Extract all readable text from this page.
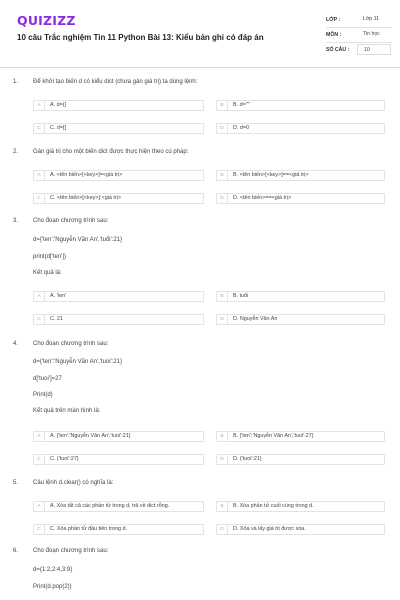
QUIZIZZ
10 câu Trắc nghiệm Tin 11 Python Bài 13: Kiểu bản ghi có đáp án
LỚP :	Lớp 11
MÔN :	Tin học
SỐ CÂU :	10
1. Để khởi tạo biến d có kiểu dict (chưa gán giá trị) ta dùng lệnh:
A	A. d={}	B	B. d=""
C	C. d=[]	D	D. d=0
2. Gán giá trị cho một biến dict được thực hiện theo cú pháp:
A	A. <tên biến>[<key>]=<giá trị>	B	B. <tên biến>[<key>]==<giá trị>
C	C. <tên biến>[<key>]:<giá trị>	D	D. <tên biến>==<giá trị>
3. Cho đoạn chương trình sau:
d={'ten':'Nguyễn Văn An','tuổi':21}
print(d['ten'])
Kết quả là:
A	A. 'ten'	B	B. tuổi
C	C. 21	D	D. Nguyễn Văn An
4. Cho đoạn chương trình sau:
d={'ten':'Nguyễn Văn An','tuoi':21}
d['tuoi']=27
Print(d)
Kết quả trên màn hình là:
A	A. {'ten':'Nguyễn Văn An','tuoi':21}	B	B. {'ten':'Nguyễn Văn An','tuoi':27}
C	C. {'tuoi':27}	D	D. {'tuoi':21}
5. Câu lệnh d.clear() có nghĩa là:
A	A. Xóa tất cả các phần tử trong d, trả về dict rỗng.	B	B. Xóa phần tử cuối cùng trong d.
C	C. Xóa phần tử đầu tiên trong d.	D	D. Xóa và lấy giá trị được xóa.
6. Cho đoạn chương trình sau:
d={1:2,2:4,3:9}
Print(d.pop(2))
